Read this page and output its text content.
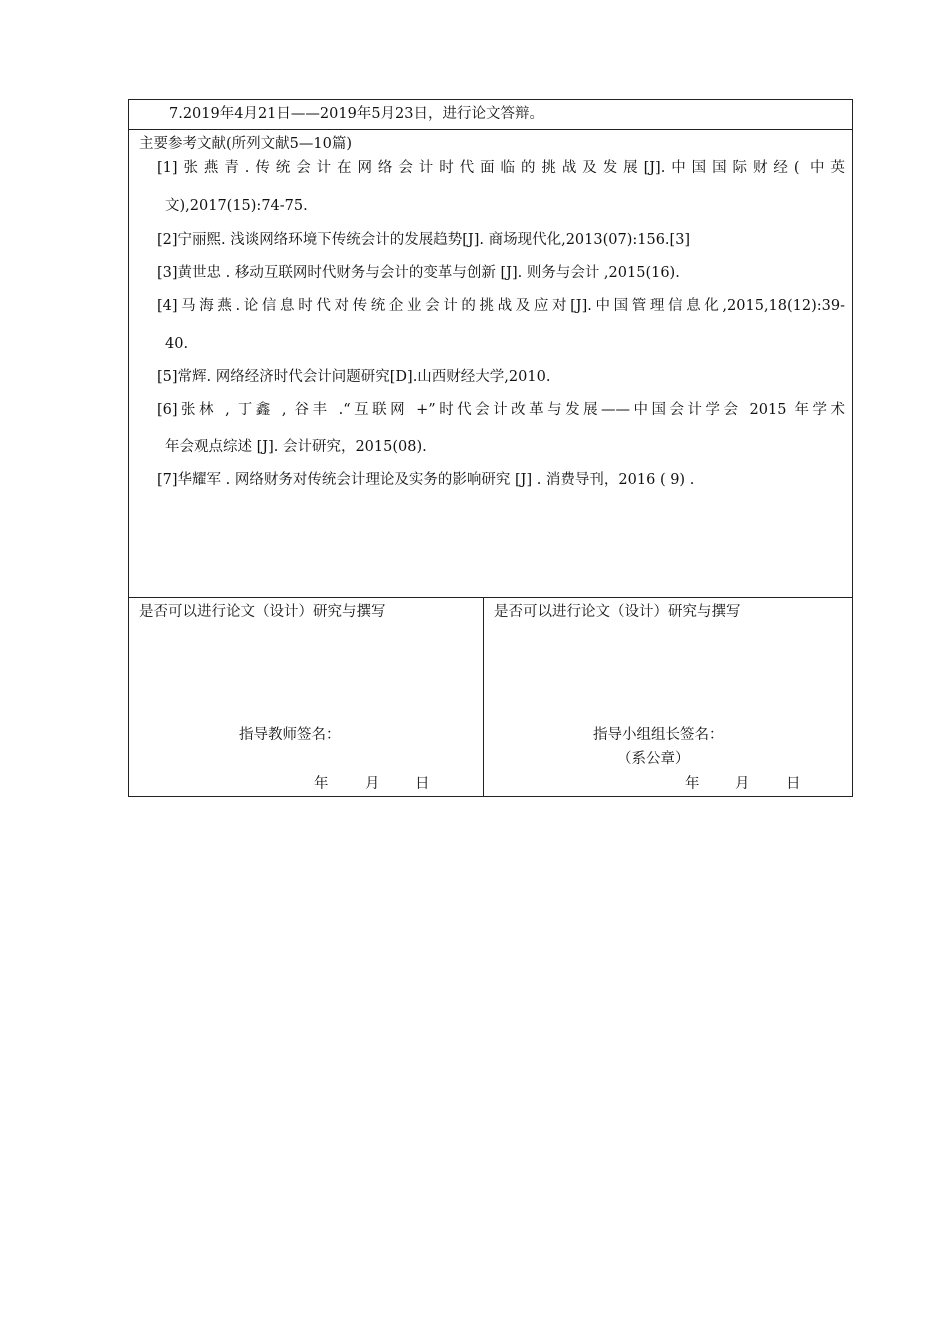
7.2019年4月21日——2019年5月23日，进行论文答辩。
主要参考文献(所列文献5—10篇)
[1]张燕青.传统会计在网络会计时代面临的挑战及发展[J].中国国际财经( 中英
文),2017(15):74-75.
[2]宁丽熙. 浅谈网络环境下传统会计的发展趋势[J]. 商场现代化,2013(07):156.[3]
[3]黄世忠 . 移动互联网时代财务与会计的变革与创新 [J]. 则务与会计 ,2015(16).
[4]马海燕.论信息时代对传统企业会计的挑战及应对[J].中国管理信息化,2015,18(12):39-
40.
[5]常辉. 网络经济时代会计问题研究[D].山西财经大学,2010.
[6]张林 , 丁鑫 , 谷丰 .“互联网 +”时代会计改革与发展——中国会计学会 2015 年学术
年会观点综述 [J]. 会计研究，2015(08).
[7]华耀军 . 网络财务对传统会计理论及实务的影响研究 [J] . 消费导刊，2016 ( 9) .
是否可以进行论文（设计）研究与撰写
指导教师签名：
年	月 日
是否可以进行论文（设计）研究与撰写
指导小组组长签名：
（系公章）
年 月	日
